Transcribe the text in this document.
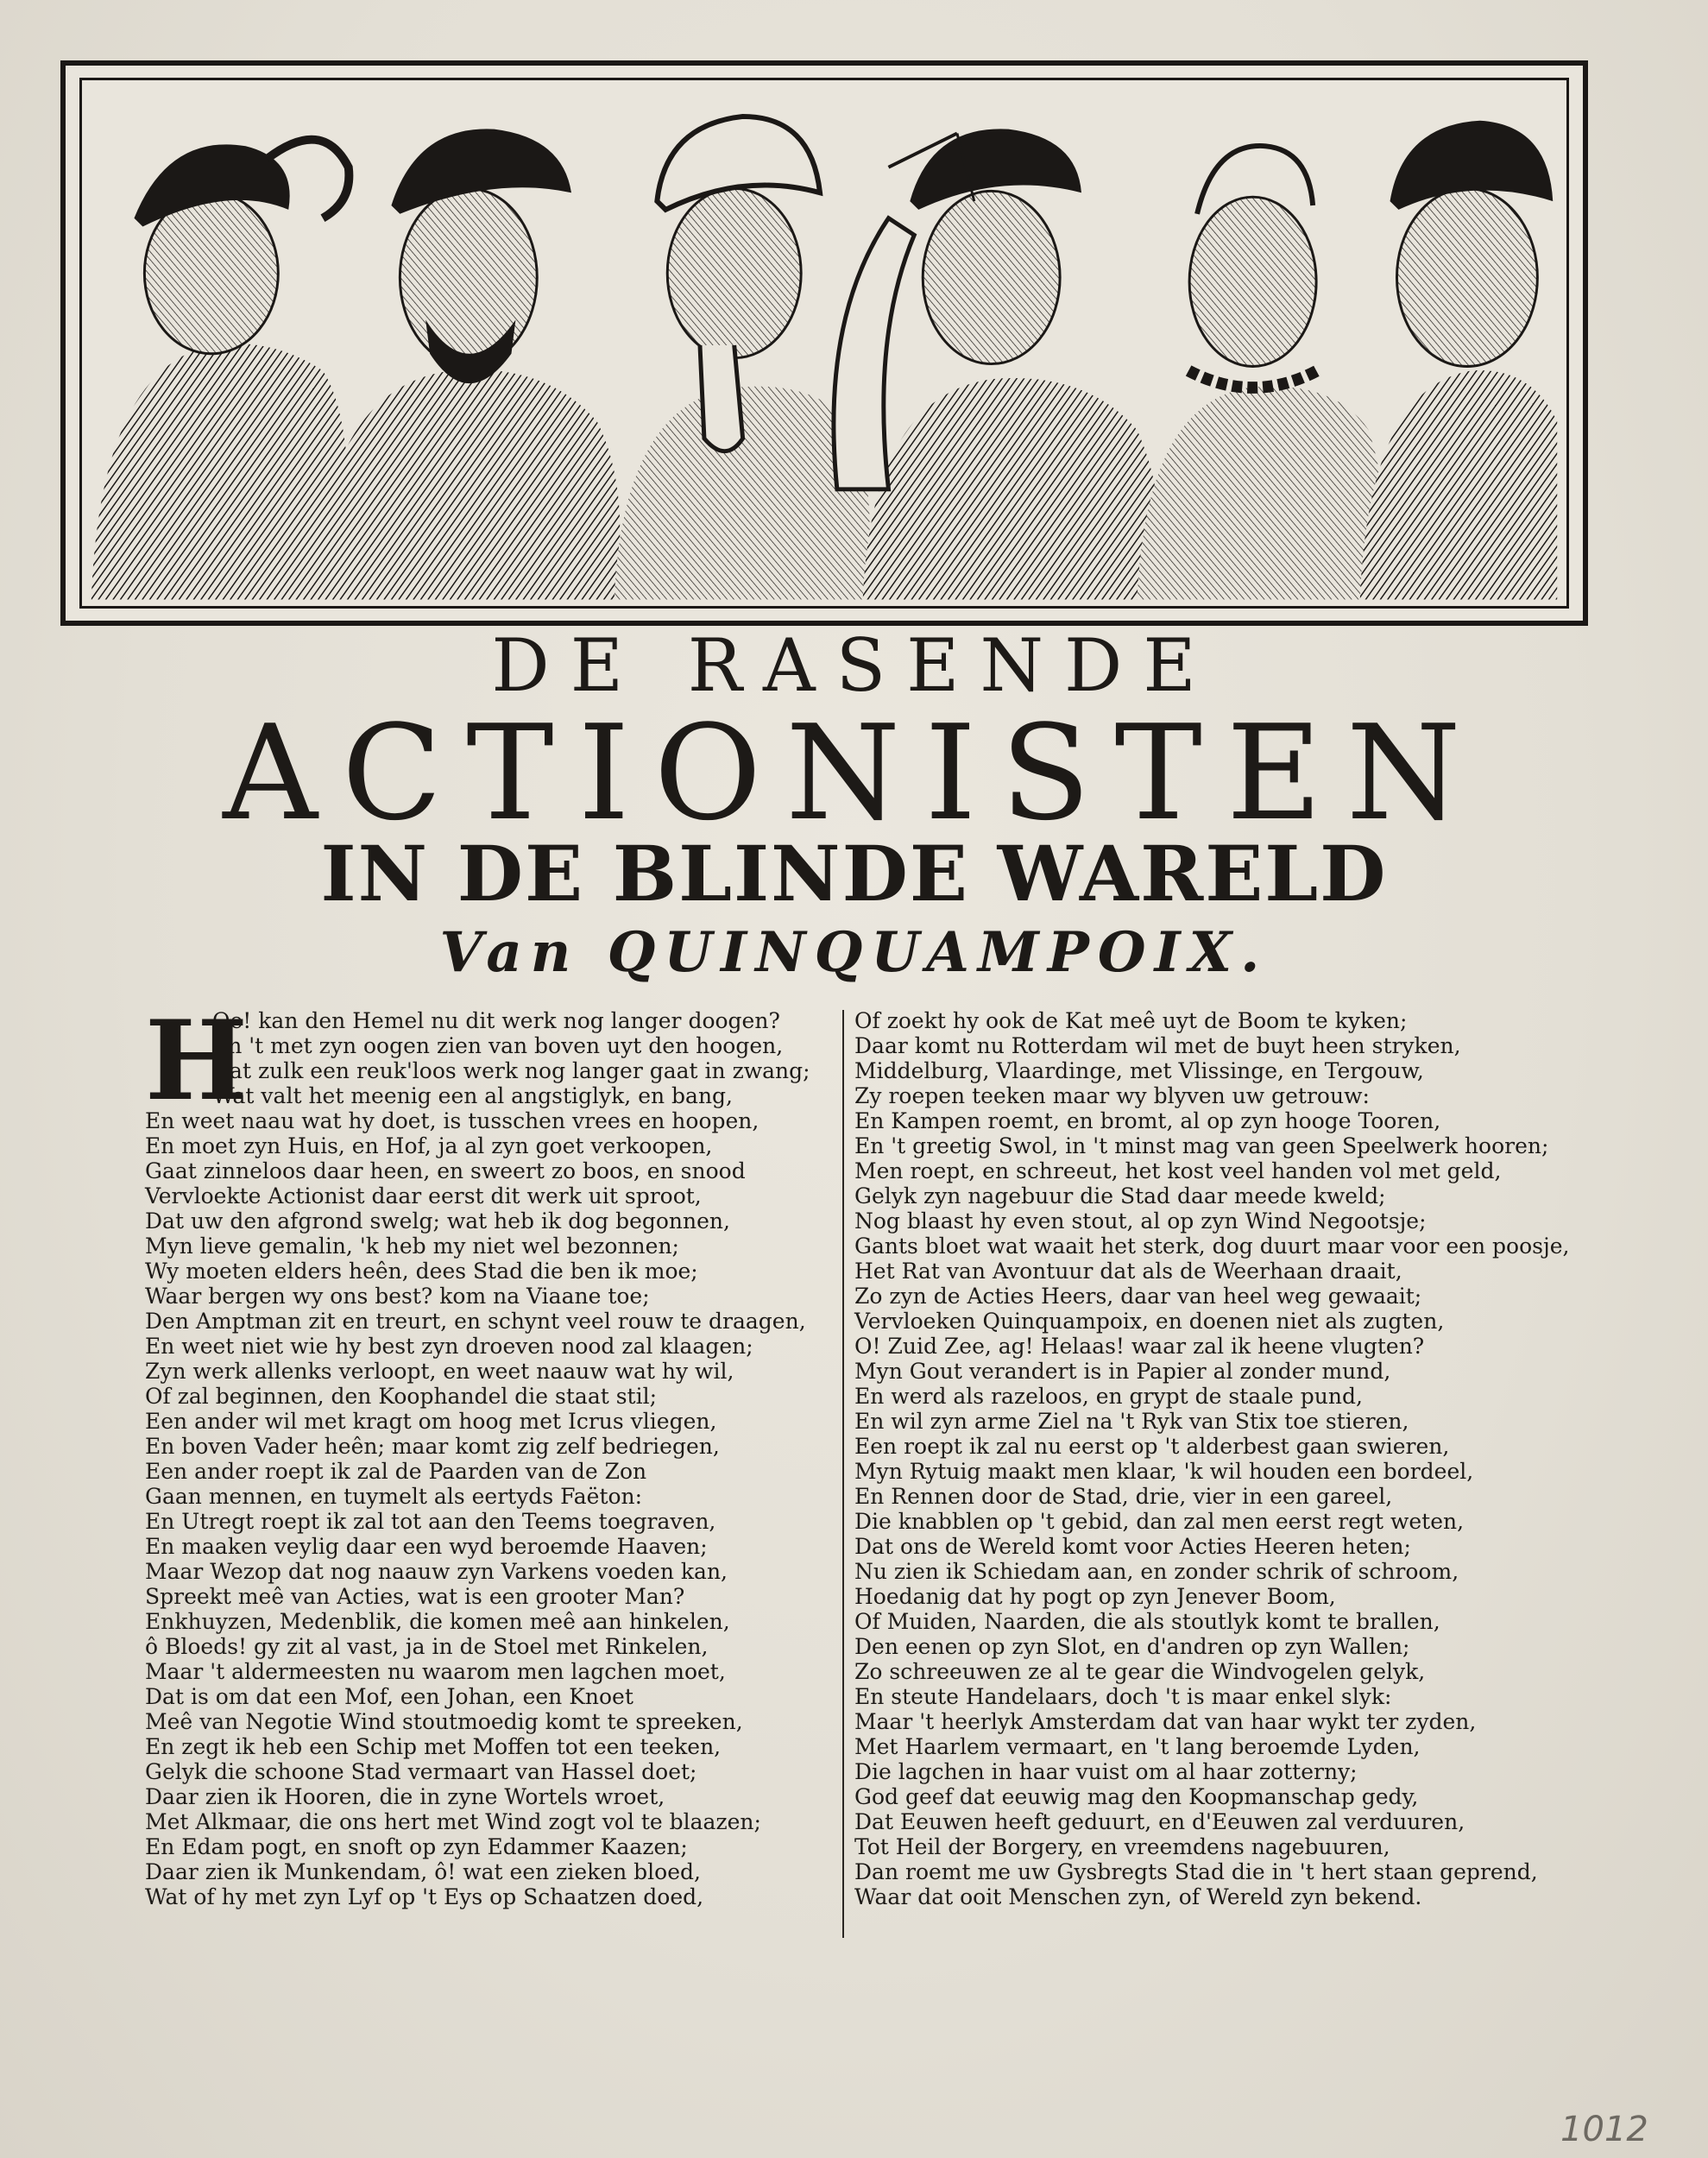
DE RASENDE
ACTIONISTEN
IN DE BLINDE WARELD
Van QUINQUAMPOIX.
H
Oe! kan den Hemel nu dit werk nog langer doogen?
En 't met zyn oogen zien van boven uyt den hoogen,
Dat zulk een reuk'loos werk nog langer gaat in zwang;
Wat valt het meenig een al angstiglyk, en bang,
En weet naau wat hy doet, is tusschen vrees en hoopen,
En moet zyn Huis, en Hof, ja al zyn goet verkoopen,
Gaat zinneloos daar heen, en sweert zo boos, en snood
Vervloekte Actionist daar eerst dit werk uit sproot,
Dat uw den afgrond swelg; wat heb ik dog begonnen,
Myn lieve gemalin, 'k heb my niet wel bezonnen;
Wy moeten elders heên, dees Stad die ben ik moe;
Waar bergen wy ons best? kom na Viaane toe;
Den Amptman zit en treurt, en schynt veel rouw te draagen,
En weet niet wie hy best zyn droeven nood zal klaagen;
Zyn werk allenks verloopt, en weet naauw wat hy wil,
Of zal beginnen, den Koophandel die staat stil;
Een ander wil met kragt om hoog met Icrus vliegen,
En boven Vader heên; maar komt zig zelf bedriegen,
Een ander roept ik zal de Paarden van de Zon
Gaan mennen, en tuymelt als eertyds Faëton:
En Utregt roept ik zal tot aan den Teems toegraven,
En maaken veylig daar een wyd beroemde Haaven;
Maar Wezop dat nog naauw zyn Varkens voeden kan,
Spreekt meê van Acties, wat is een grooter Man?
Enkhuyzen, Medenblik, die komen meê aan hinkelen,
ô Bloeds! gy zit al vast, ja in de Stoel met Rinkelen,
Maar 't aldermeesten nu waarom men lagchen moet,
Dat is om dat een Mof, een Johan, een Knoet
Meê van Negotie Wind stoutmoedig komt te spreeken,
En zegt ik heb een Schip met Moffen tot een teeken,
Gelyk die schoone Stad vermaart van Hassel doet;
Daar zien ik Hooren, die in zyne Wortels wroet,
Met Alkmaar, die ons hert met Wind zogt vol te blaazen;
En Edam pogt, en snoft op zyn Edammer Kaazen;
Daar zien ik Munkendam, ô! wat een zieken bloed,
Wat of hy met zyn Lyf op 't Eys op Schaatzen doed,
Of zoekt hy ook de Kat meê uyt de Boom te kyken;
Daar komt nu Rotterdam wil met de buyt heen stryken,
Middelburg, Vlaardinge, met Vlissinge, en Tergouw,
Zy roepen teeken maar wy blyven uw getrouw:
En Kampen roemt, en bromt, al op zyn hooge Tooren,
En 't greetig Swol, in 't minst mag van geen Speelwerk hooren;
Men roept, en schreeut, het kost veel handen vol met geld,
Gelyk zyn nagebuur die Stad daar meede kweld;
Nog blaast hy even stout, al op zyn Wind Negootsje;
Gants bloet wat waait het sterk, dog duurt maar voor een poosje,
Het Rat van Avontuur dat als de Weerhaan draait,
Zo zyn de Acties Heers, daar van heel weg gewaait;
Vervloeken Quinquampoix, en doenen niet als zugten,
O! Zuid Zee, ag! Helaas! waar zal ik heene vlugten?
Myn Gout verandert is in Papier al zonder mund,
En werd als razeloos, en grypt de staale pund,
En wil zyn arme Ziel na 't Ryk van Stix toe stieren,
Een roept ik zal nu eerst op 't alderbest gaan swieren,
Myn Rytuig maakt men klaar, 'k wil houden een bordeel,
En Rennen door de Stad, drie, vier in een gareel,
Die knabblen op 't gebid, dan zal men eerst regt weten,
Dat ons de Wereld komt voor Acties Heeren heten;
Nu zien ik Schiedam aan, en zonder schrik of schroom,
Hoedanig dat hy pogt op zyn Jenever Boom,
Of Muiden, Naarden, die als stoutlyk komt te brallen,
Den eenen op zyn Slot, en d'andren op zyn Wallen;
Zo schreeuwen ze al te gear die Windvogelen gelyk,
En steute Handelaars, doch 't is maar enkel slyk:
Maar 't heerlyk Amsterdam dat van haar wykt ter zyden,
Met Haarlem vermaart, en 't lang beroemde Lyden,
Die lagchen in haar vuist om al haar zotterny;
God geef dat eeuwig mag den Koopmanschap gedy,
Dat Eeuwen heeft geduurt, en d'Eeuwen zal verduuren,
Tot Heil der Borgery, en vreemdens nagebuuren,
Dan roemt me uw Gysbregts Stad die in 't hert staan geprend,
Waar dat ooit Menschen zyn, of Wereld zyn bekend.
1012
